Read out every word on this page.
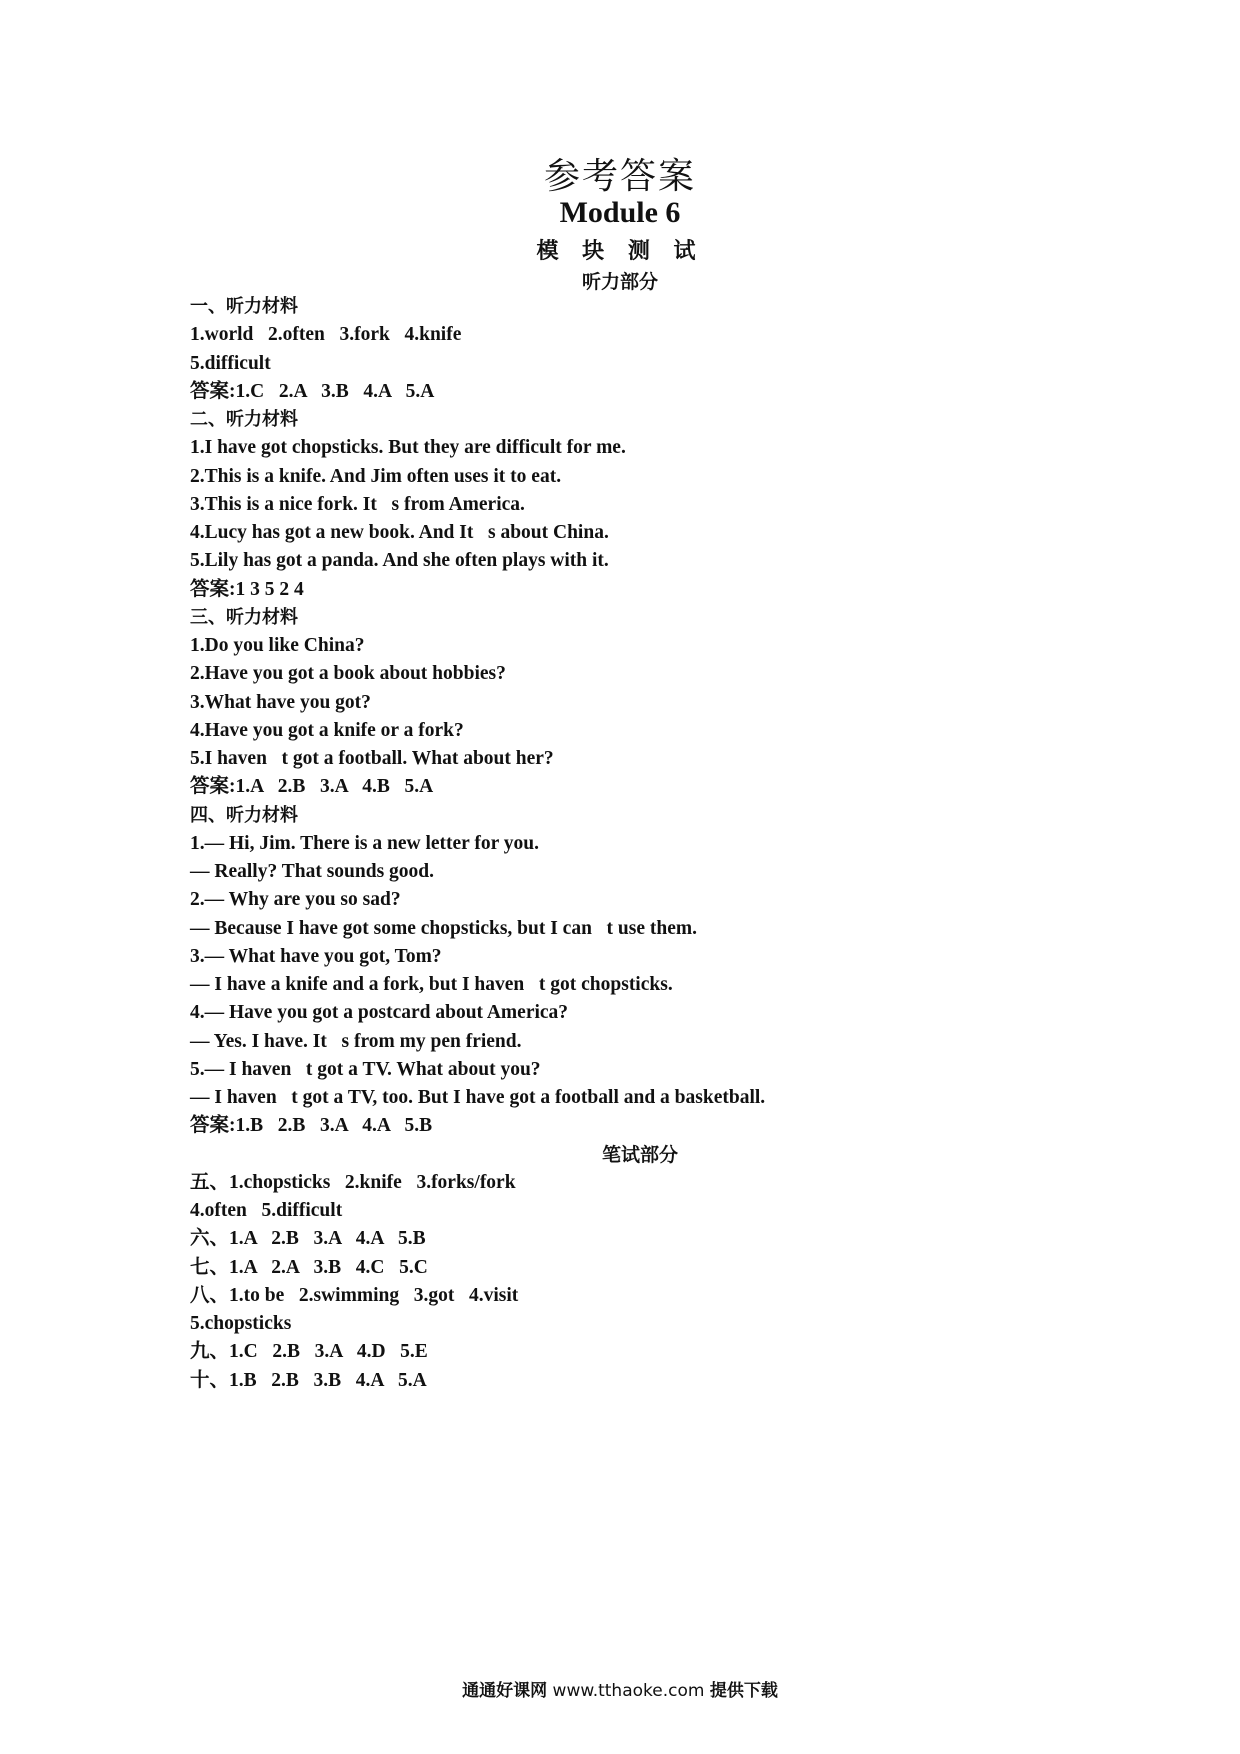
参考答案
Module 6
模 块 测 试
听力部分
一、听力材料
1.world   2.often   3.fork   4.knife
5.difficult
答案:1.C   2.A   3.B   4.A   5.A
二、听力材料
1.I have got chopsticks. But they are difficult for me.
2.This is a knife. And Jim often uses it to eat.
3.This is a nice fork. It   s from America.
4.Lucy has got a new book. And It   s about China.
5.Lily has got a panda. And she often plays with it.
答案:1 3 5 2 4
三、听力材料
1.Do you like China?
2.Have you got a book about hobbies?
3.What have you got?
4.Have you got a knife or a fork?
5.I haven   t got a football. What about her?
答案:1.A   2.B   3.A   4.B   5.A
四、听力材料
1.— Hi, Jim. There is a new letter for you.
— Really? That sounds good.
2.— Why are you so sad?
— Because I have got some chopsticks, but I can   t use them.
3.— What have you got, Tom?
— I have a knife and a fork, but I haven   t got chopsticks.
4.— Have you got a postcard about America?
— Yes. I have. It   s from my pen friend.
5.— I haven   t got a TV. What about you?
— I haven   t got a TV, too. But I have got a football and a basketball.
答案:1.B   2.B   3.A   4.A   5.B
笔试部分
五、1.chopsticks   2.knife   3.forks/fork
4.often   5.difficult
六、1.A   2.B   3.A   4.A   5.B
七、1.A   2.A   3.B   4.C   5.C
八、1.to be   2.swimming   3.got   4.visit
5.chopsticks
九、1.C   2.B   3.A   4.D   5.E
十、1.B   2.B   3.B   4.A   5.A
通通好课网 www.tthaoke.com 提供下载
